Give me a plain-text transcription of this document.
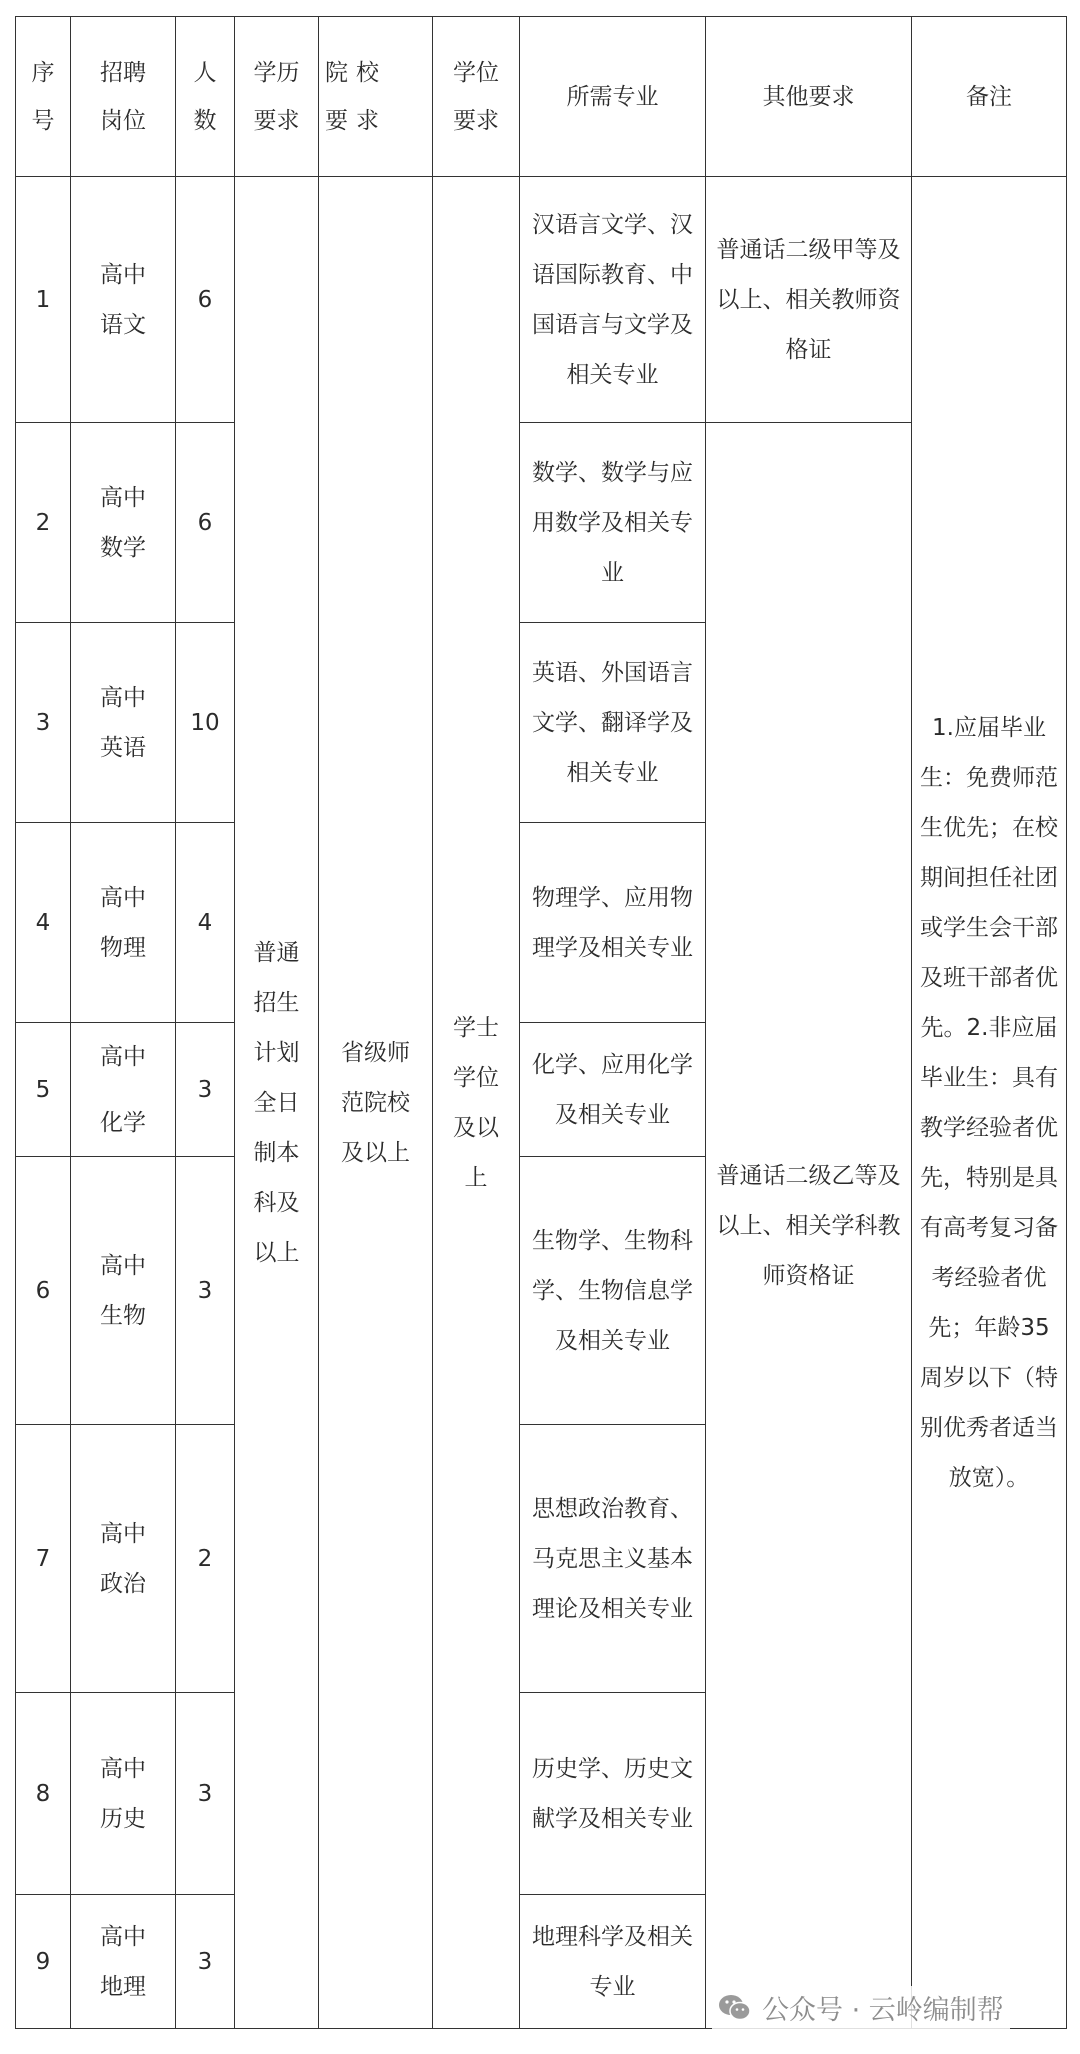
序号	招聘岗位	人数	学历要求	院校要求	学位要求	所需专业	其他要求	备注
1	高中语文	6	普通招生计划全日制本科及以上	省级师范院校及以上	学士学位及以上	汉语言文学、汉语国际教育、中国语言与文学及相关专业	普通话二级甲等及以上、相关教师资格证	1.应届毕业生：免费师范生优先；在校期间担任社团或学生会干部及班干部者优先。2.非应届毕业生：具有教学经验者优先，特别是具有高考复习备考经验者优先；年龄35周岁以下（特别优秀者适当放宽）。
2	高中数学	6				数学、数学与应用数学及相关专业	普通话二级乙等及以上、相关学科教师资格证	
3	高中英语	10				英语、外国语言文学、翻译学及相关专业		
4	高中物理	4				物理学、应用物理学及相关专业		
5	高中化学	3				化学、应用化学及相关专业		
6	高中生物	3				生物学、生物科学、生物信息学及相关专业		
7	高中政治	2				思想政治教育、马克思主义基本理论及相关专业		
8	高中历史	3				历史学、历史文献学及相关专业		
9	高中地理	3				地理科学及相关专业		
公众号 · 云岭编制帮
